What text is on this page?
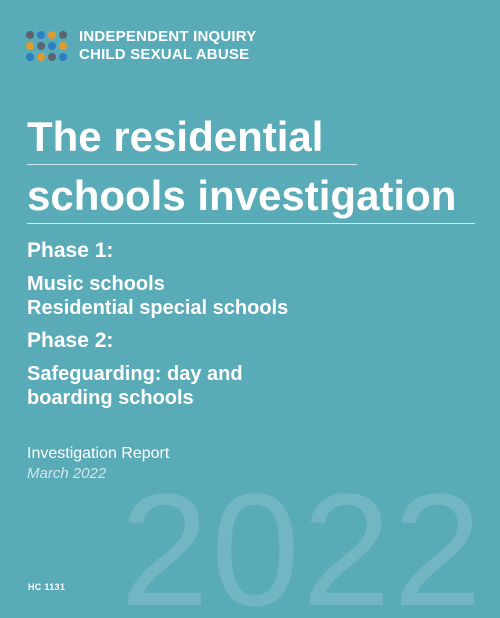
INDEPENDENT INQUIRY
CHILD SEXUAL ABUSE
The residential
schools investigation
Phase 1:
Music schools
Residential special schools
Phase 2:
Safeguarding: day and
boarding schools
2022
Investigation Report
March 2022
HC 1131
